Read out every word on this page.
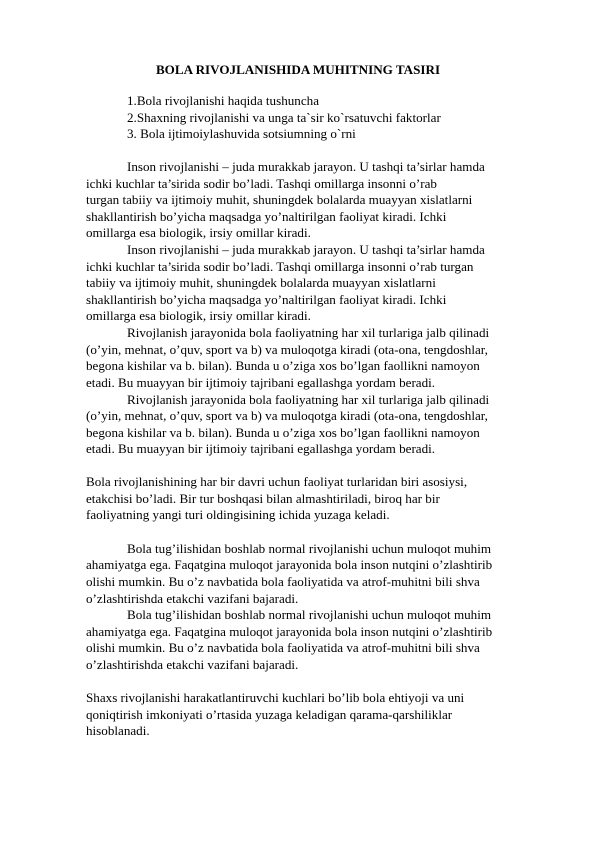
BOLA RIVOJLANISHIDA MUHITNING TASIRI
1.Bola rivojlanishi haqida tushuncha
2.Shaxning rivojlanishi va unga ta`sir ko`rsatuvchi faktorlar
3. Bola ijtimoiylashuvida sotsiumning o`rni
Inson rivojlanishi – juda murakkab jarayon. U tashqi ta’sirlar hamda
ichki kuchlar ta’sirida sodir bo’ladi. Tashqi omillarga insonni o’rab
turgan tabiiy va ijtimoiy muhit, shuningdek bolalarda muayyan xislatlarni
shakllantirish bo’yicha maqsadga yo’naltirilgan faoliyat kiradi. Ichki
omillarga esa biologik, irsiy omillar kiradi.
Inson rivojlanishi – juda murakkab jarayon. U tashqi ta’sirlar hamda
ichki kuchlar ta’sirida sodir bo’ladi. Tashqi omillarga insonni o’rab turgan
tabiiy va ijtimoiy muhit, shuningdek bolalarda muayyan xislatlarni
shakllantirish bo’yicha maqsadga yo’naltirilgan faoliyat kiradi. Ichki
omillarga esa biologik, irsiy omillar kiradi.
Rivojlanish jarayonida bola faoliyatning har xil turlariga jalb qilinadi
(o’yin, mehnat, o’quv, sport va b) va muloqotga kiradi (ota-ona, tengdoshlar,
begona kishilar va b. bilan). Bunda u o’ziga xos bo’lgan faollikni namoyon
etadi. Bu muayyan bir ijtimoiy tajribani egallashga yordam beradi.
Rivojlanish jarayonida bola faoliyatning har xil turlariga jalb qilinadi
(o’yin, mehnat, o’quv, sport va b) va muloqotga kiradi (ota-ona, tengdoshlar,
begona kishilar va b. bilan). Bunda u o’ziga xos bo’lgan faollikni namoyon
etadi. Bu muayyan bir ijtimoiy tajribani egallashga yordam beradi.
Bola rivojlanishining har bir davri uchun faoliyat turlaridan biri asosiysi,
etakchisi bo’ladi. Bir tur boshqasi bilan almashtiriladi, biroq har bir
faoliyatning yangi turi oldingisining ichida yuzaga keladi.
Bola tug’ilishidan boshlab normal rivojlanishi uchun muloqot muhim
ahamiyatga ega. Faqatgina muloqot jarayonida bola inson nutqini o’zlashtirib
olishi mumkin. Bu o’z navbatida bola faoliyatida va atrof-muhitni bili shva
o’zlashtirishda etakchi vazifani bajaradi.
Bola tug’ilishidan boshlab normal rivojlanishi uchun muloqot muhim
ahamiyatga ega. Faqatgina muloqot jarayonida bola inson nutqini o’zlashtirib
olishi mumkin. Bu o’z navbatida bola faoliyatida va atrof-muhitni bili shva
o’zlashtirishda etakchi vazifani bajaradi.
Shaxs rivojlanishi harakatlantiruvchi kuchlari bo’lib bola ehtiyoji va uni
qoniqtirish imkoniyati o’rtasida yuzaga keladigan qarama-qarshiliklar
hisoblanadi.
